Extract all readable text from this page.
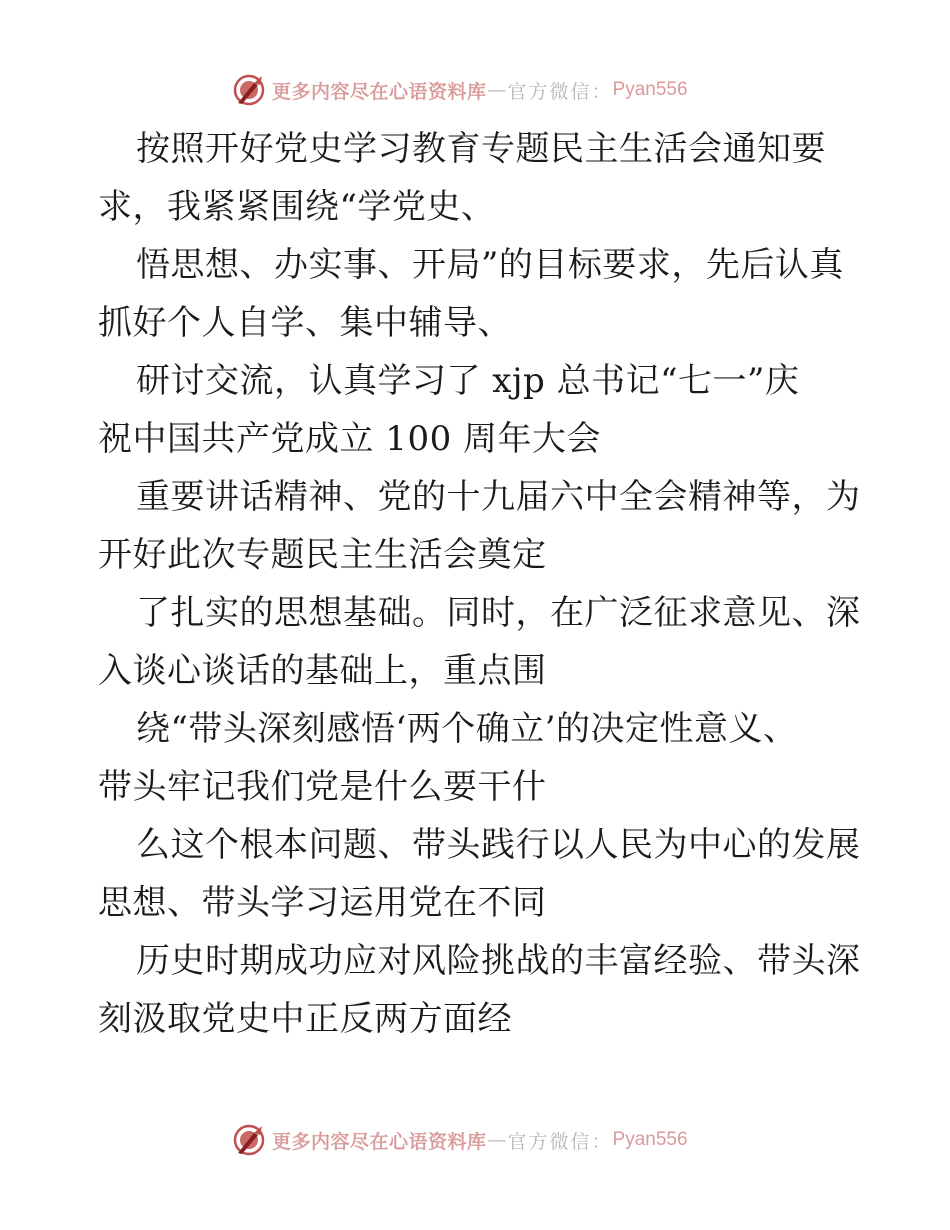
更多内容尽在心语资料库 — 官方微信： Pyan556
按照开好党史学习教育专题民主生活会通知要
求，我紧紧围绕“学党史、
悟思想、办实事、开局”的目标要求，先后认真
抓好个人自学、集中辅导、
研讨交流，认真学习了 xjp 总书记“七一”庆
祝中国共产党成立 100 周年大会
重要讲话精神、党的十九届六中全会精神等，为
开好此次专题民主生活会奠定
了扎实的思想基础。同时，在广泛征求意见、深
入谈心谈话的基础上，重点围
绕“带头深刻感悟‘两个确立’的决定性意义、
带头牢记我们党是什么要干什
么这个根本问题、带头践行以人民为中心的发展
思想、带头学习运用党在不同
历史时期成功应对风险挑战的丰富经验、带头深
刻汲取党史中正反两方面经
更多内容尽在心语资料库 — 官方微信： Pyan556
